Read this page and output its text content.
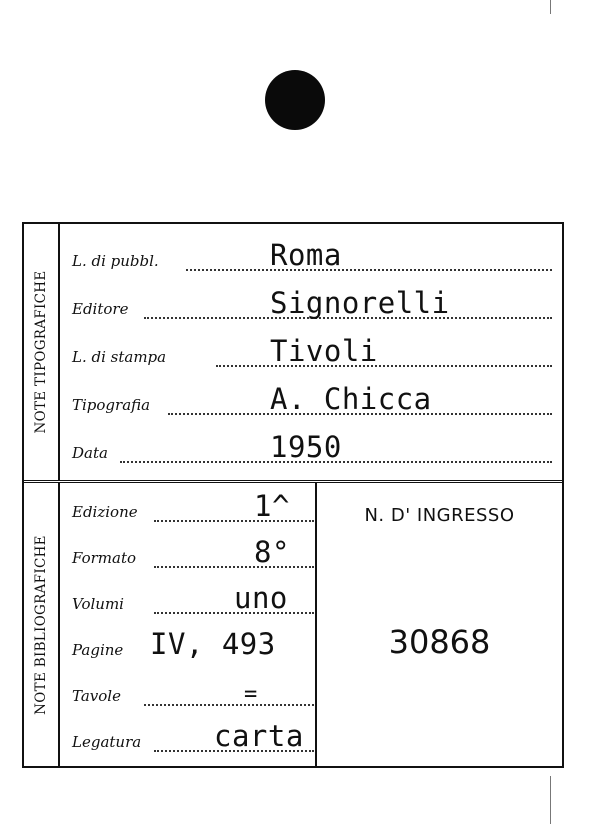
NOTE TIPOGRAFICHE
L. di pubbl.	Roma
Editore	Signorelli
L. di stampa	Tivoli
Tipografia	A. Chicca
Data	1950
NOTE BIBLIOGRAFICHE
Edizione	1^
Formato	8°
Volumi	uno
Pagine IV, 493
Tavole	=
Legatura	carta
N. D' INGRESSO
30868
